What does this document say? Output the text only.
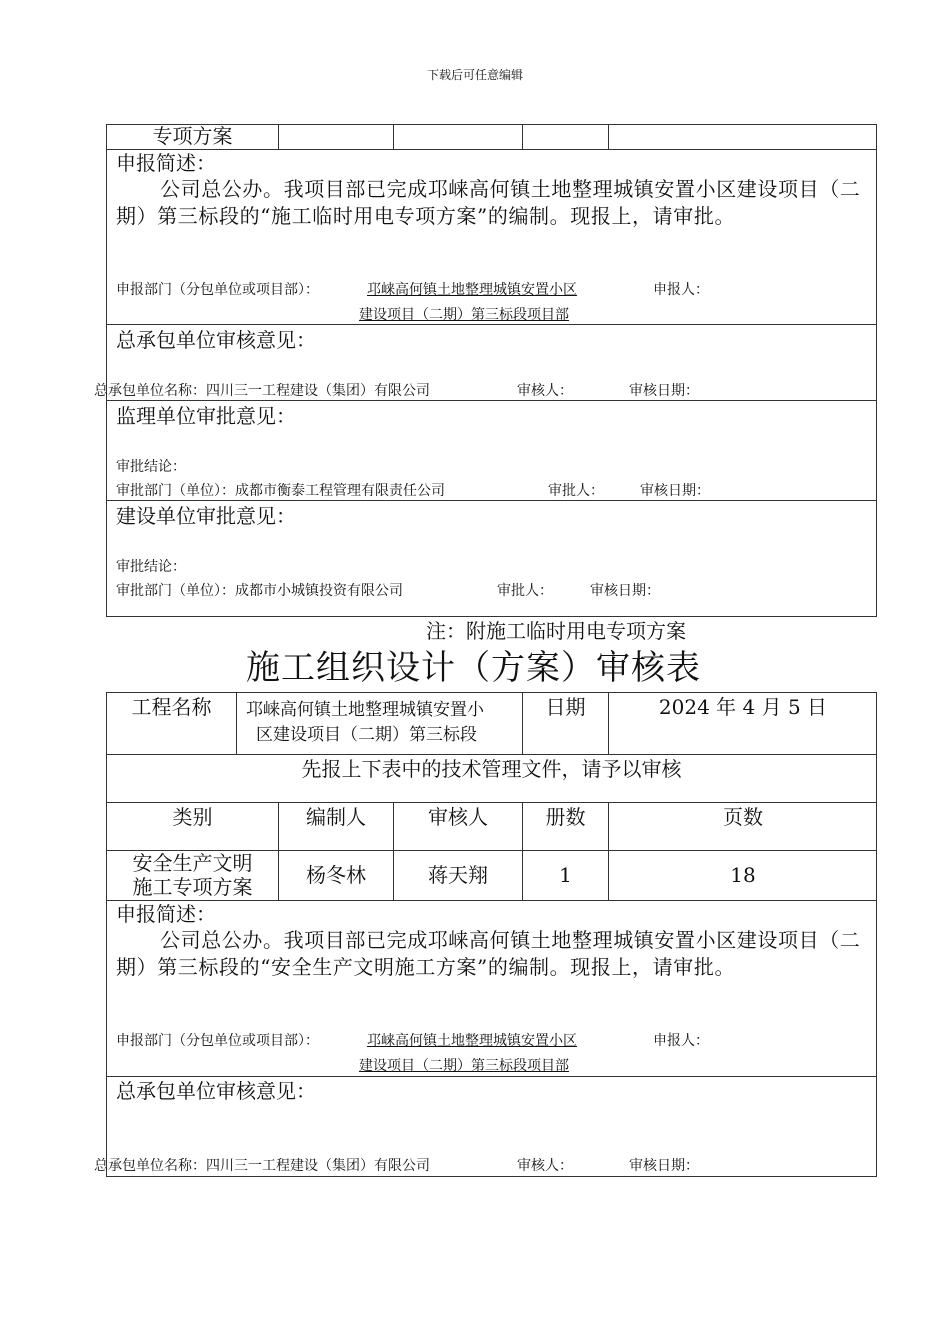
下载后可任意编辑
专项方案
申报简述：
公司总公办。我项目部已完成邛崃高何镇土地整理城镇安置小区建设项目（二期）第三标段的“施工临时用电专项方案”的编制。现报上，请审批。
申报部门（分包单位或项目部）：	邛崃高何镇土地整理城镇安置小区
建设项目（二期）第三标段项目部
申报人：
总承包单位审核意见：
总承包单位名称：四川三一工程建设（集团）有限公司	审核人：	审核日期：
监理单位审批意见：
审批结论：
审批部门（单位）：成都市衡泰工程管理有限责任公司	审批人：	审核日期：
建设单位审批意见：
审批结论：
审批部门（单位）：成都市小城镇投资有限公司	审批人：	审核日期：
注：附施工临时用电专项方案
施工组织设计（方案）审核表
工程名称	邛崃高何镇土地整理城镇安置小
区建设项目（二期）第三标段
日期	2024 年 4 月 5 日
先报上下表中的技术管理文件，请予以审核
类别	编制人	审核人	册数	页数
安全生产文明
施工专项方案	杨冬林	蒋天翔	1	18
申报简述：
公司总公办。我项目部已完成邛崃高何镇土地整理城镇安置小区建设项目（二期）第三标段的“安全生产文明施工方案”的编制。现报上，请审批。
申报部门（分包单位或项目部）：	邛崃高何镇土地整理城镇安置小区
建设项目（二期）第三标段项目部
申报人：
总承包单位审核意见：
总承包单位名称：四川三一工程建设（集团）有限公司	审核人：	审核日期：
